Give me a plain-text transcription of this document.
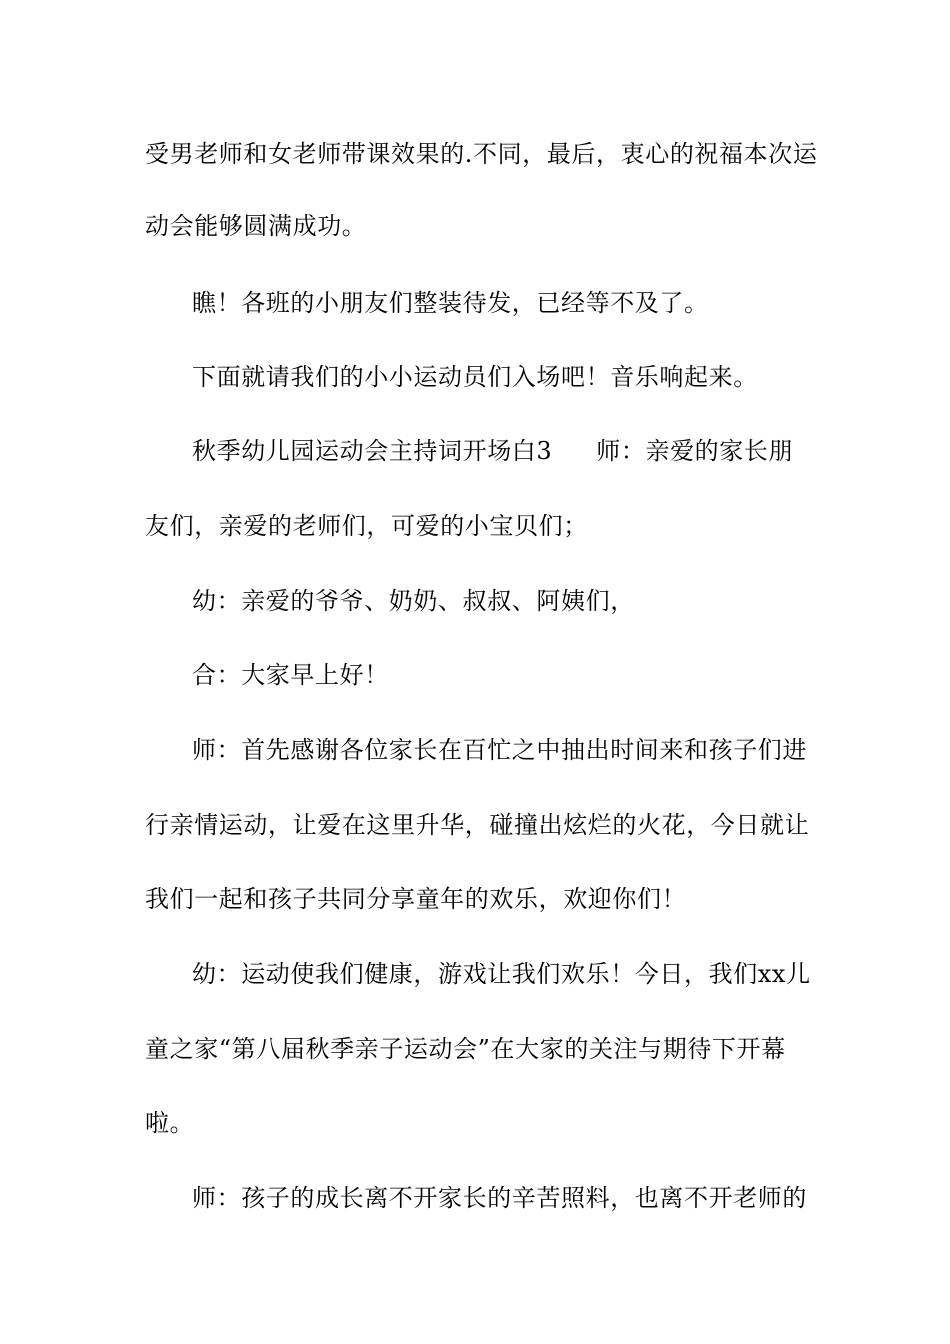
受男老师和女老师带课效果的.不同，最后，衷心的祝福本次运
动会能够圆满成功。
瞧！各班的小朋友们整装待发，已经等不及了。
下面就请我们的小小运动员们入场吧！音乐响起来。
秋季幼儿园运动会主持词开场白3 师：亲爱的家长朋
友们，亲爱的老师们，可爱的小宝贝们；
幼：亲爱的爷爷、奶奶、叔叔、阿姨们，
合：大家早上好！
师：首先感谢各位家长在百忙之中抽出时间来和孩子们进
行亲情运动，让爱在这里升华，碰撞出炫烂的火花，今日就让
我们一起和孩子共同分享童年的欢乐，欢迎你们！
幼：运动使我们健康，游戏让我们欢乐！今日，我们xx儿
童之家“第八届秋季亲子运动会”在大家的关注与期待下开幕
啦。
师：孩子的成长离不开家长的辛苦照料，也离不开老师的
